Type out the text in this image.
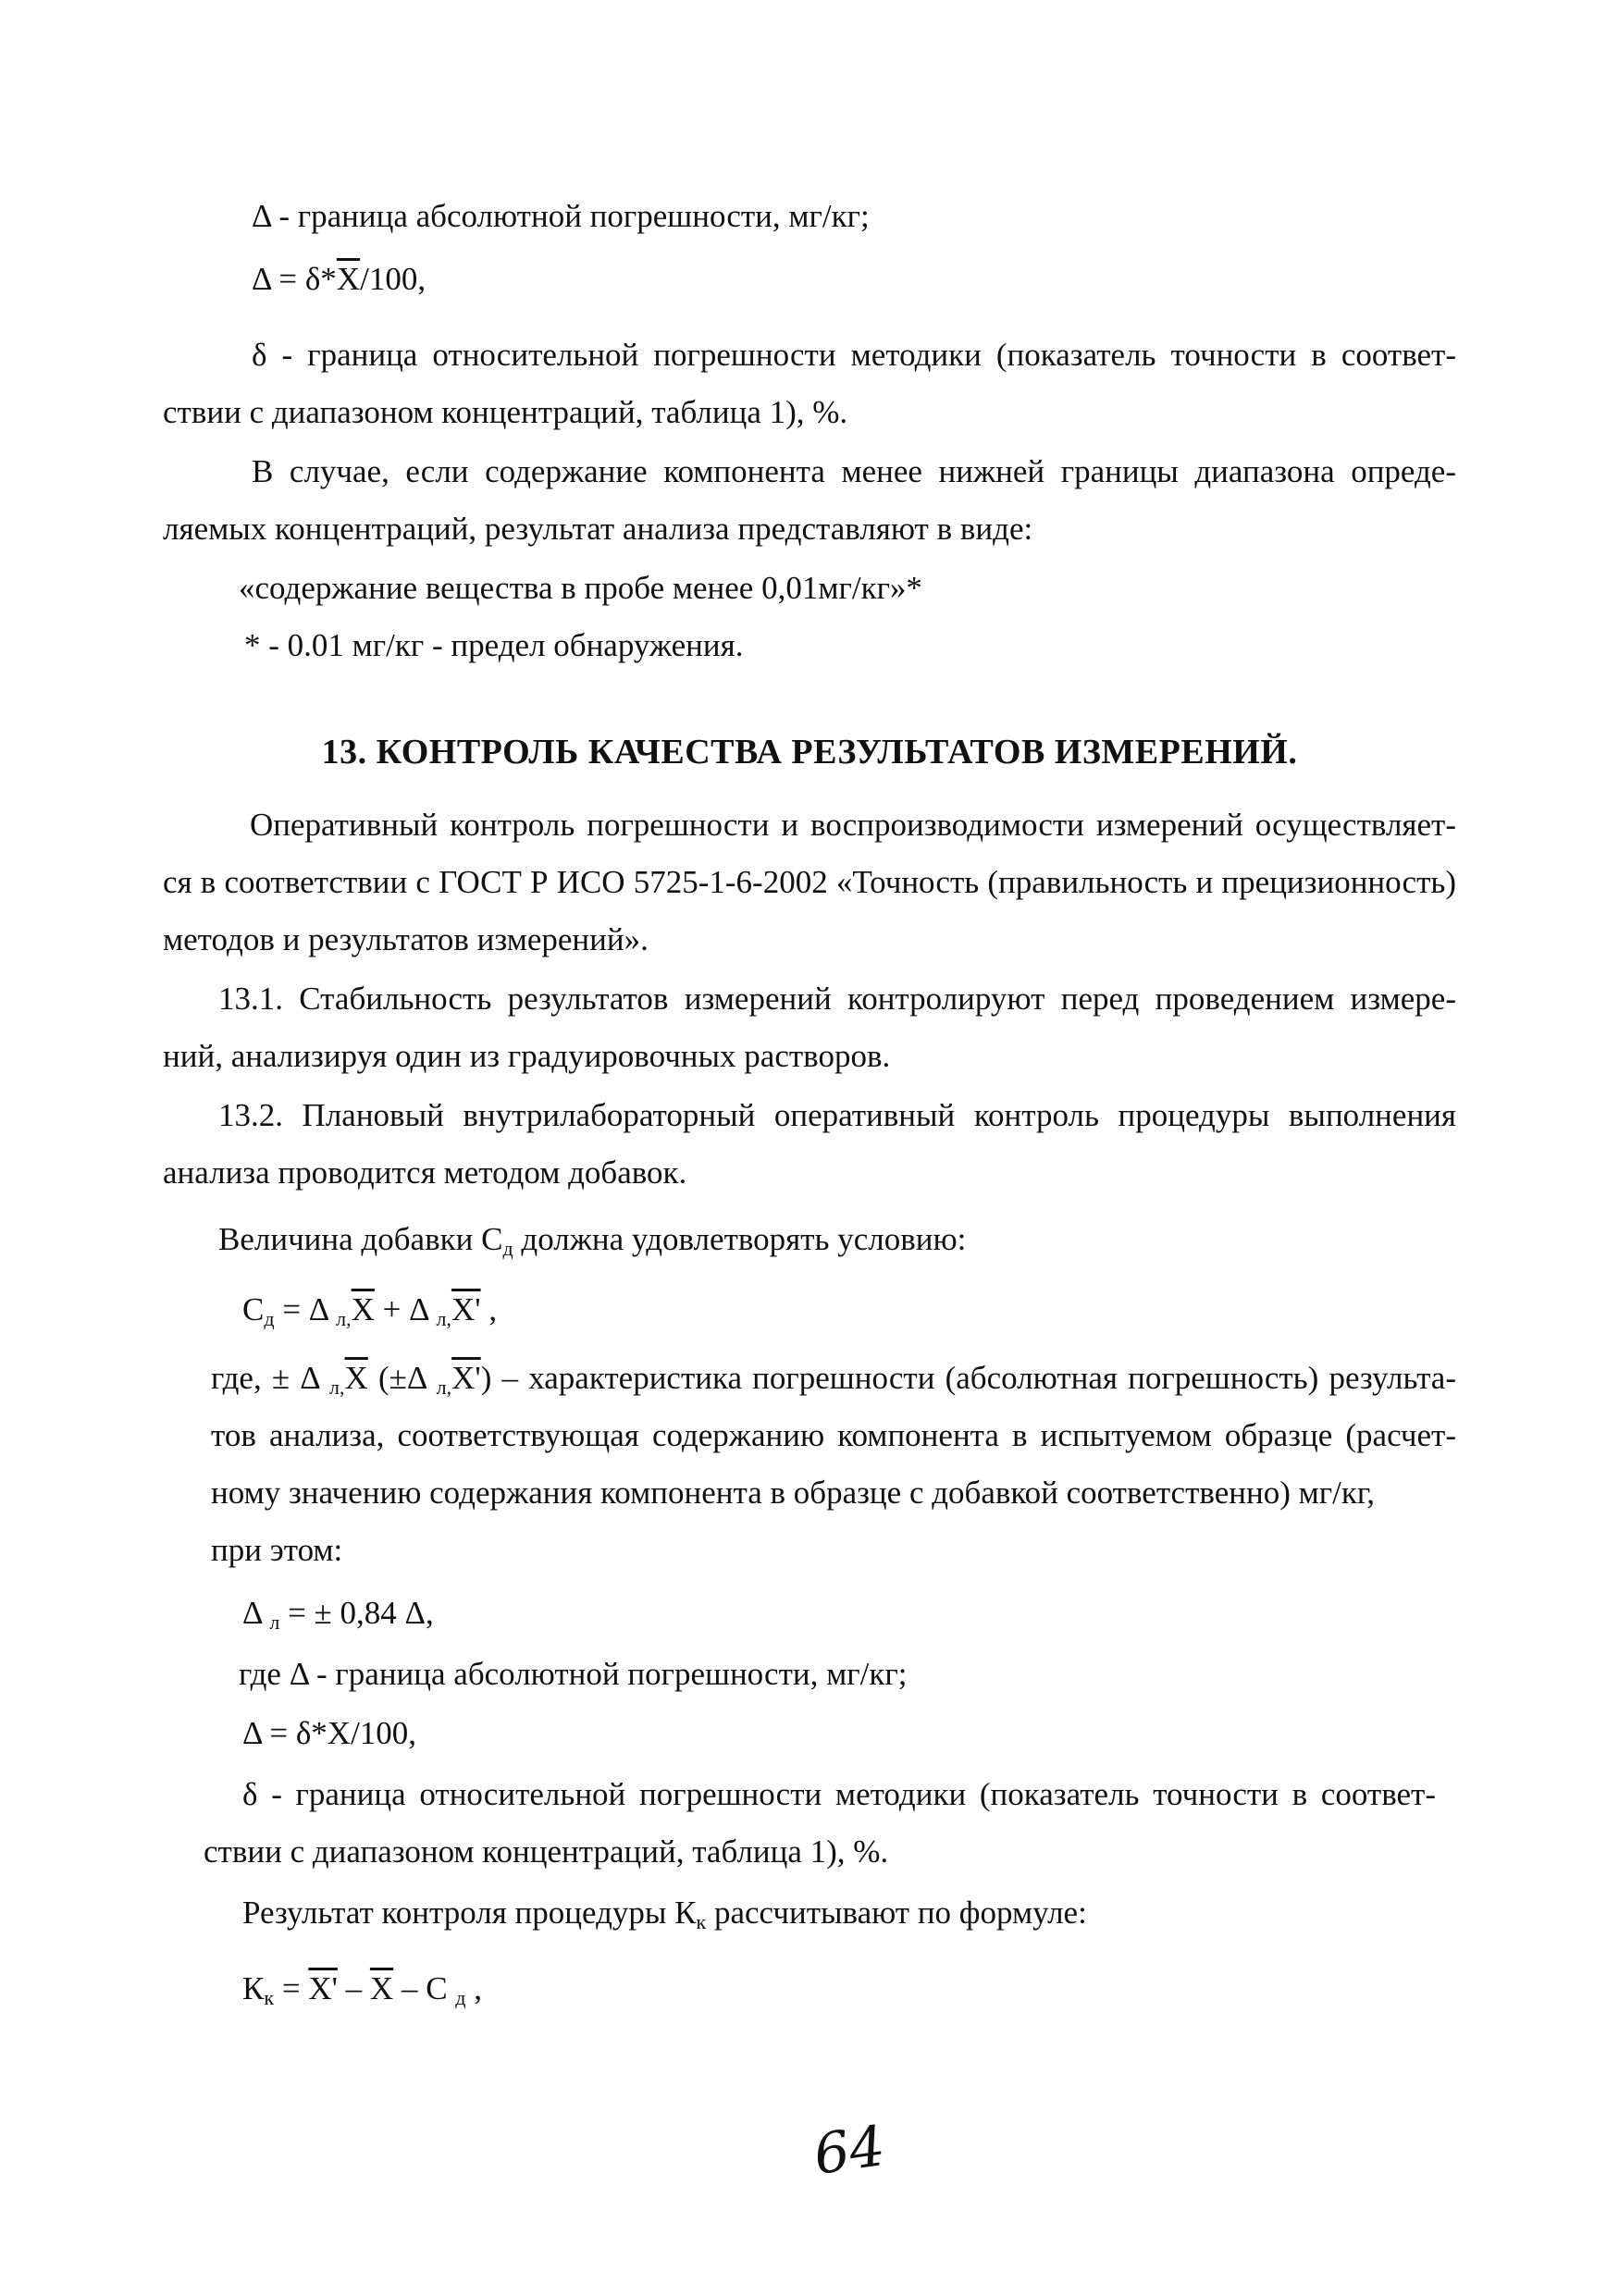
Δ - граница абсолютной погрешности, мг/кг;
$\Delta = \delta*\overline{X}/100$,
δ - граница относительной погрешности методики (показатель точности в соответ-
ствии с диапазоном концентраций, таблица 1), %.
В случае, если содержание компонента менее нижней границы диапазона опреде-
ляемых концентраций, результат анализа представляют в виде:
«содержание вещества в пробе менее 0,01мг/кг»*
* - 0.01 мг/кг - предел обнаружения.
13. КОНТРОЛЬ КАЧЕСТВА РЕЗУЛЬТАТОВ ИЗМЕРЕНИЙ.
Оперативный контроль погрешности и воспроизводимости измерений осуществляет-
ся в соответствии с ГОСТ Р ИСО 5725-1-6-2002 «Точность (правильность и прецизионность)
методов и результатов измерений».
13.1. Стабильность результатов измерений контролируют перед проведением измере-
ний, анализируя один из градуировочных растворов.
13.2. Плановый внутрилабораторный оперативный контроль процедуры выполнения
анализа проводится методом добавок.
Величина добавки $С_д$ должна удовлетворять условию:
$С_д = \Delta$ $_{л,}\overline{X} + \Delta$ $_{л,}$X' ,
где, ± Δ $_{л,}\overline{X}$ (±Δ $_{л,}$X') – характеристика погрешности (абсолютная погрешность) результа-
тов анализа, соответствующая содержанию компонента в испытуемом образце (расчет-
ному значению содержания компонента в образце с добавкой соответственно) мг/кг,
при этом:
Δ $_л$ = ± 0,84 Δ,
где Δ - граница абсолютной погрешности, мг/кг;
Δ = δ*X/100,
δ - граница относительной погрешности методики (показатель точности в соответ-
ствии с диапазоном концентраций, таблица 1), %.
Результат контроля процедуры $К_к$ рассчитывают по формуле:
$К_к = X' - \overline{X} - С$ $_д$ ,
64
